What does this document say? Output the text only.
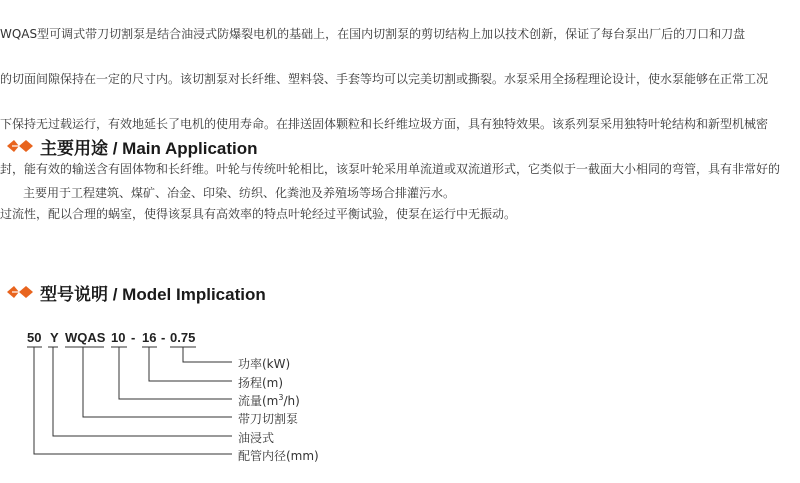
WQAS型可调式带刀切割泵是结合油浸式防爆裂电机的基础上，在国内切割泵的剪切结构上加以技术创新，保证了每台泵出厂后的刀口和刀盘

的切面间隙保持在一定的尺寸内。该切割泵对长纤维、塑料袋、手套等均可以完美切割或撕裂。水泵采用全扬程理论设计，使水泵能够在正常工况

下保持无过载运行，有效地延长了电机的使用寿命。在排送固体颗粒和长纤维垃圾方面，具有独特效果。该系列泵采用独特叶轮结构和新型机械密

封，能有效的输送含有固体物和长纤维。叶轮与传统叶轮相比，该泵叶轮采用单流道或双流道形式，它类似于一截面大小相同的弯管，具有非常好的

过流性，配以合理的蜗室，使得该泵具有高效率的特点叶轮经过平衡试验，使泵在运行中无振动。

主要用途 / Main Application
主要用于工程建筑、煤矿、冶金、印染、纺织、化粪池及养殖场等场合排灌污水。
型号说明 / Model Implication
50 Y WQAS 10 - 16 - 0.75
功率(kW)
扬程(m)
流量$(m^3/h)$
带刀切割泵
油浸式
配管内径(mm)
